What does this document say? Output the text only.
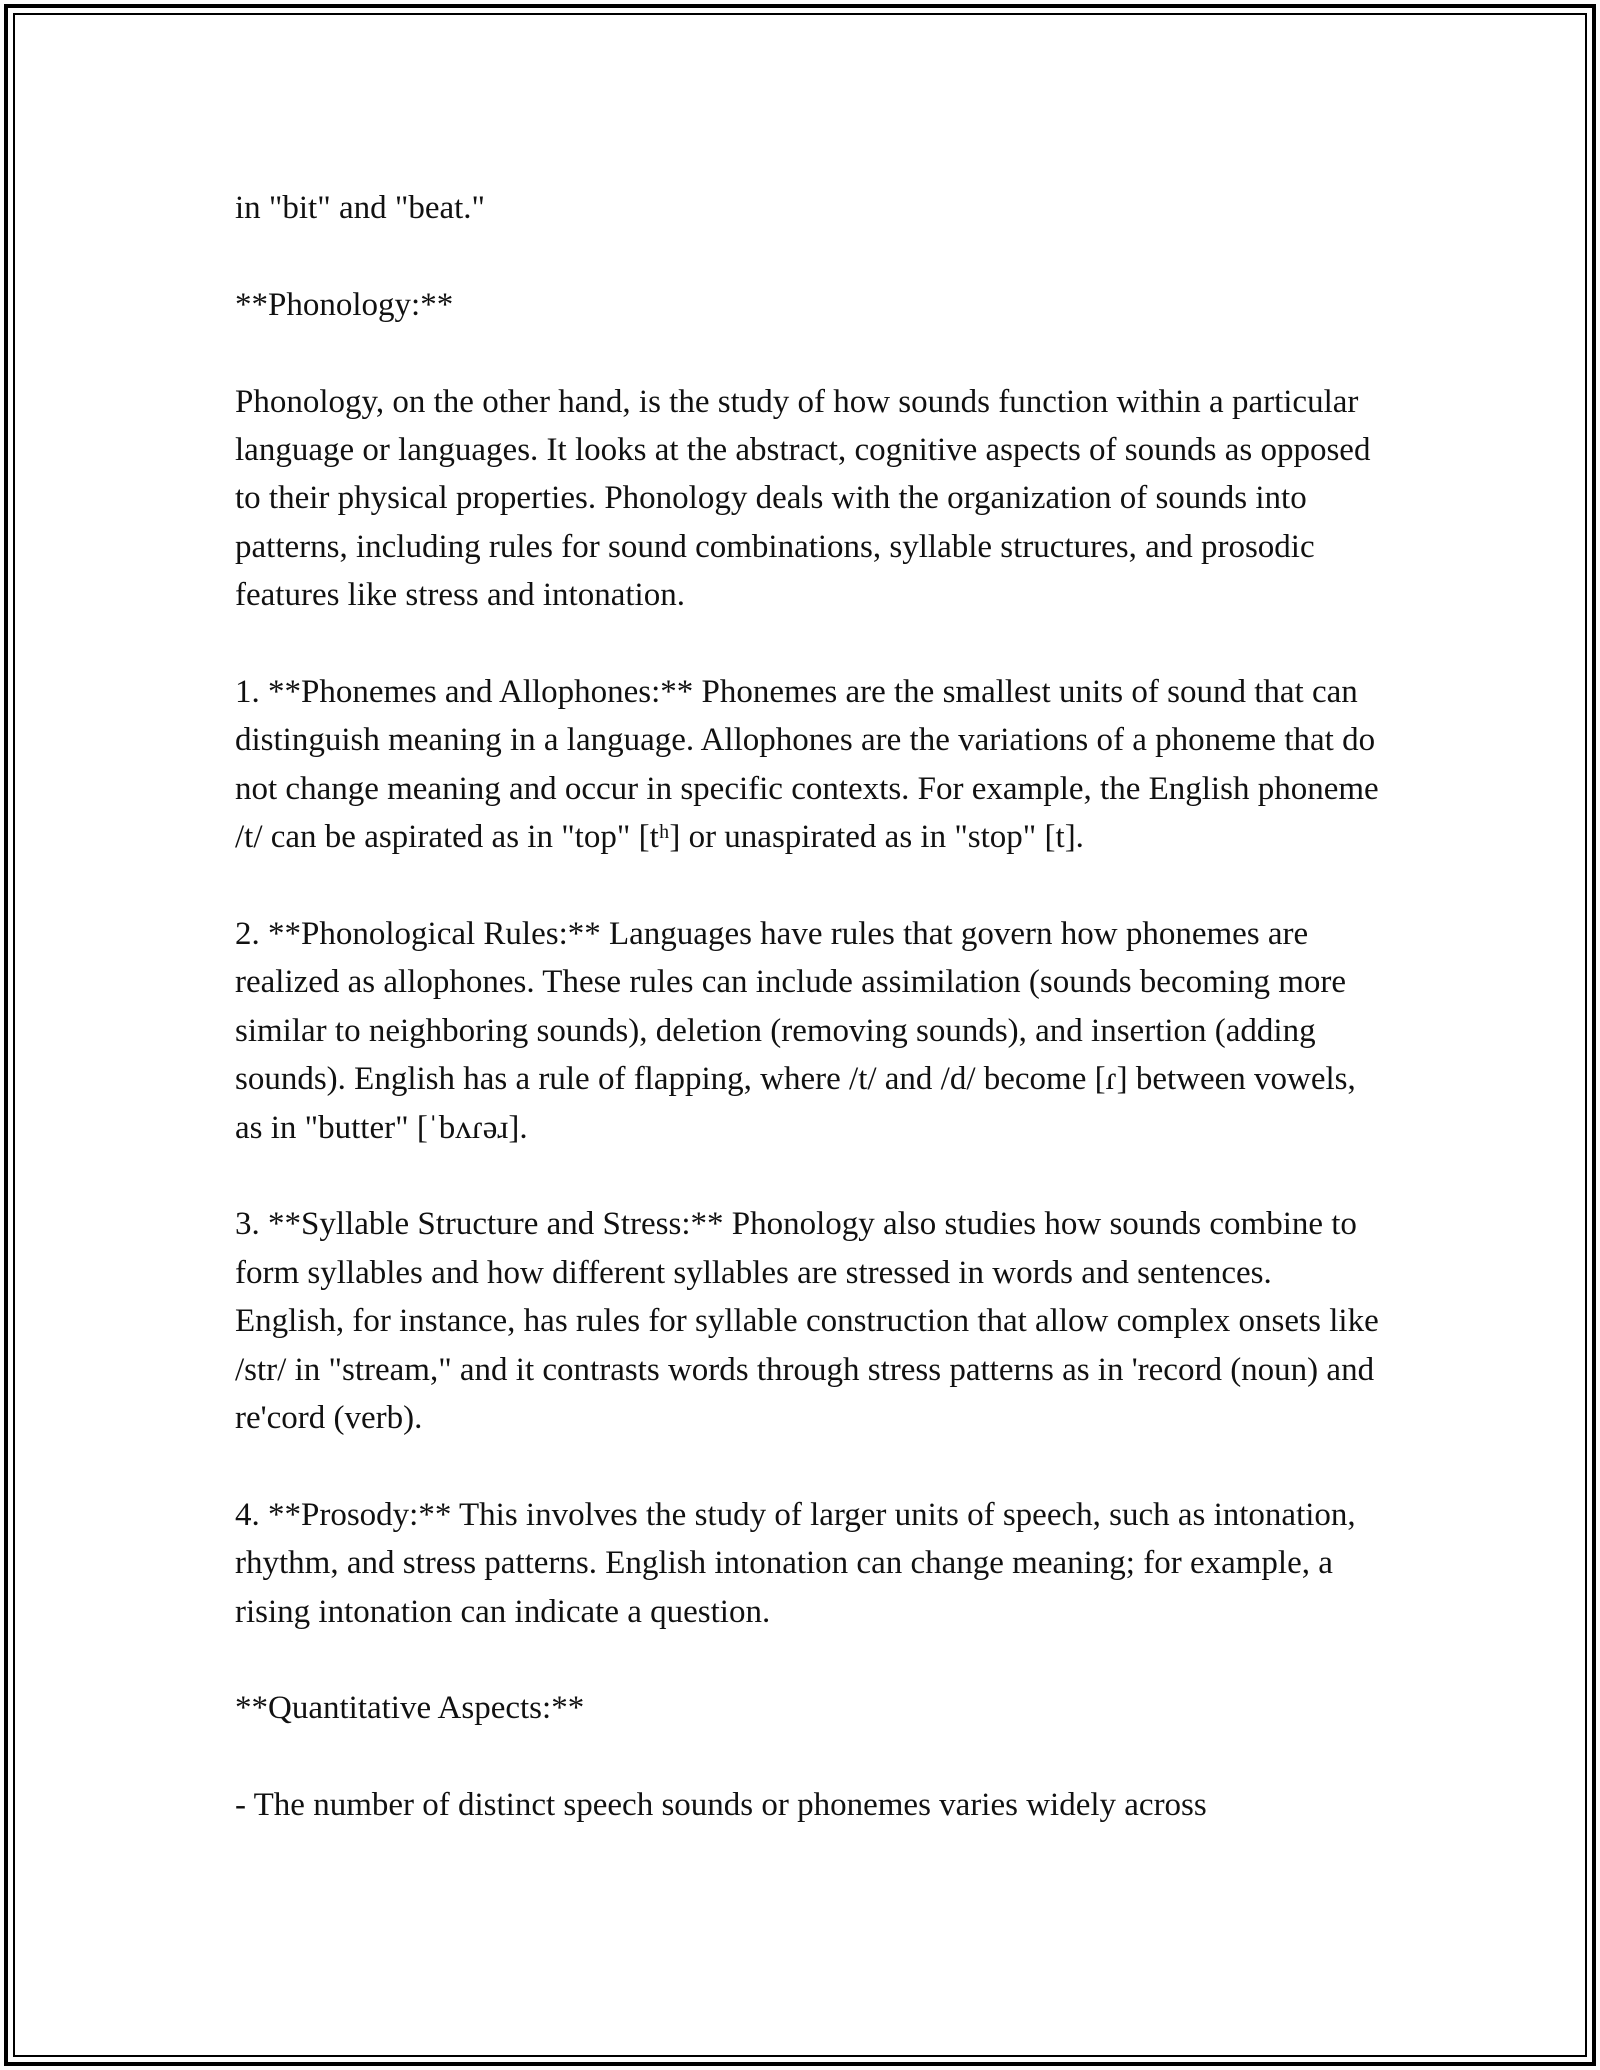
in "bit" and "beat."

**Phonology:**

Phonology, on the other hand, is the study of how sounds function within a particular language or languages. It looks at the abstract, cognitive aspects of sounds as opposed to their physical properties. Phonology deals with the organization of sounds into patterns, including rules for sound combinations, syllable structures, and prosodic features like stress and intonation.

1. **Phonemes and Allophones:** Phonemes are the smallest units of sound that can distinguish meaning in a language. Allophones are the variations of a phoneme that do not change meaning and occur in specific contexts. For example, the English phoneme /t/ can be aspirated as in "top" [tʰ] or unaspirated as in "stop" [t].

2. **Phonological Rules:** Languages have rules that govern how phonemes are realized as allophones. These rules can include assimilation (sounds becoming more similar to neighboring sounds), deletion (removing sounds), and insertion (adding sounds). English has a rule of flapping, where /t/ and /d/ become [ɾ] between vowels, as in "butter" [ˈbʌɾəɹ].

3. **Syllable Structure and Stress:** Phonology also studies how sounds combine to form syllables and how different syllables are stressed in words and sentences. English, for instance, has rules for syllable construction that allow complex onsets like /str/ in "stream," and it contrasts words through stress patterns as in 'record (noun) and re'cord (verb).

4. **Prosody:** This involves the study of larger units of speech, such as intonation, rhythm, and stress patterns. English intonation can change meaning; for example, a rising intonation can indicate a question.

**Quantitative Aspects:**

- The number of distinct speech sounds or phonemes varies widely across
